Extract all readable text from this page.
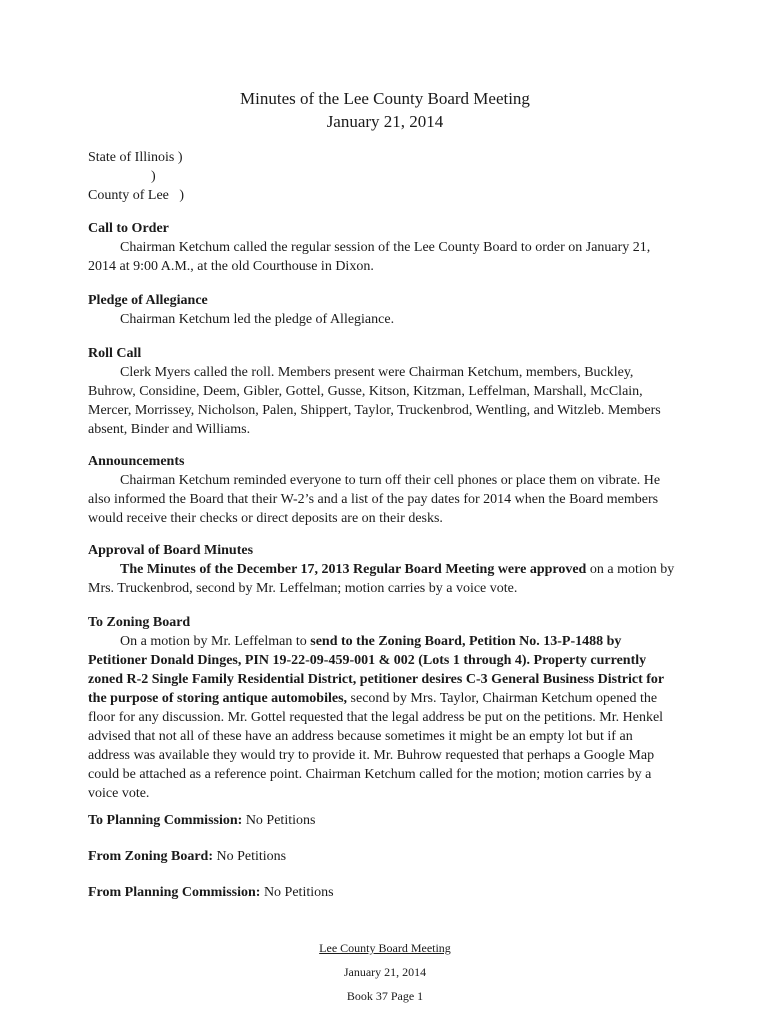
Minutes of the Lee County Board Meeting
January 21, 2014
State of Illinois )
)
County of Lee   )
Call to Order
Chairman Ketchum called the regular session of the Lee County Board to order on January 21, 2014 at 9:00 A.M., at the old Courthouse in Dixon.
Pledge of Allegiance
Chairman Ketchum led the pledge of Allegiance.
Roll Call
Clerk Myers called the roll. Members present were Chairman Ketchum, members, Buckley, Buhrow, Considine, Deem, Gibler, Gottel, Gusse, Kitson, Kitzman, Leffelman, Marshall, McClain, Mercer, Morrissey, Nicholson, Palen, Shippert, Taylor, Truckenbrod, Wentling, and Witzleb. Members absent, Binder and Williams.
Announcements
Chairman Ketchum reminded everyone to turn off their cell phones or place them on vibrate. He also informed the Board that their W-2’s and a list of the pay dates for 2014 when the Board members would receive their checks or direct deposits are on their desks.
Approval of Board Minutes
The Minutes of the December 17, 2013 Regular Board Meeting were approved on a motion by Mrs. Truckenbrod, second by Mr. Leffelman; motion carries by a voice vote.
To Zoning Board
On a motion by Mr. Leffelman to send to the Zoning Board, Petition No. 13-P-1488 by Petitioner Donald Dinges, PIN 19-22-09-459-001 & 002 (Lots 1 through 4). Property currently zoned R-2 Single Family Residential District, petitioner desires C-3 General Business District for the purpose of storing antique automobiles, second by Mrs. Taylor, Chairman Ketchum opened the floor for any discussion. Mr. Gottel requested that the legal address be put on the petitions. Mr. Henkel advised that not all of these have an address because sometimes it might be an empty lot but if an address was available they would try to provide it. Mr. Buhrow requested that perhaps a Google Map could be attached as a reference point. Chairman Ketchum called for the motion; motion carries by a voice vote.
To Planning Commission: No Petitions
From Zoning Board: No Petitions
From Planning Commission: No Petitions
Lee County Board Meeting
January 21, 2014
Book 37 Page 1
